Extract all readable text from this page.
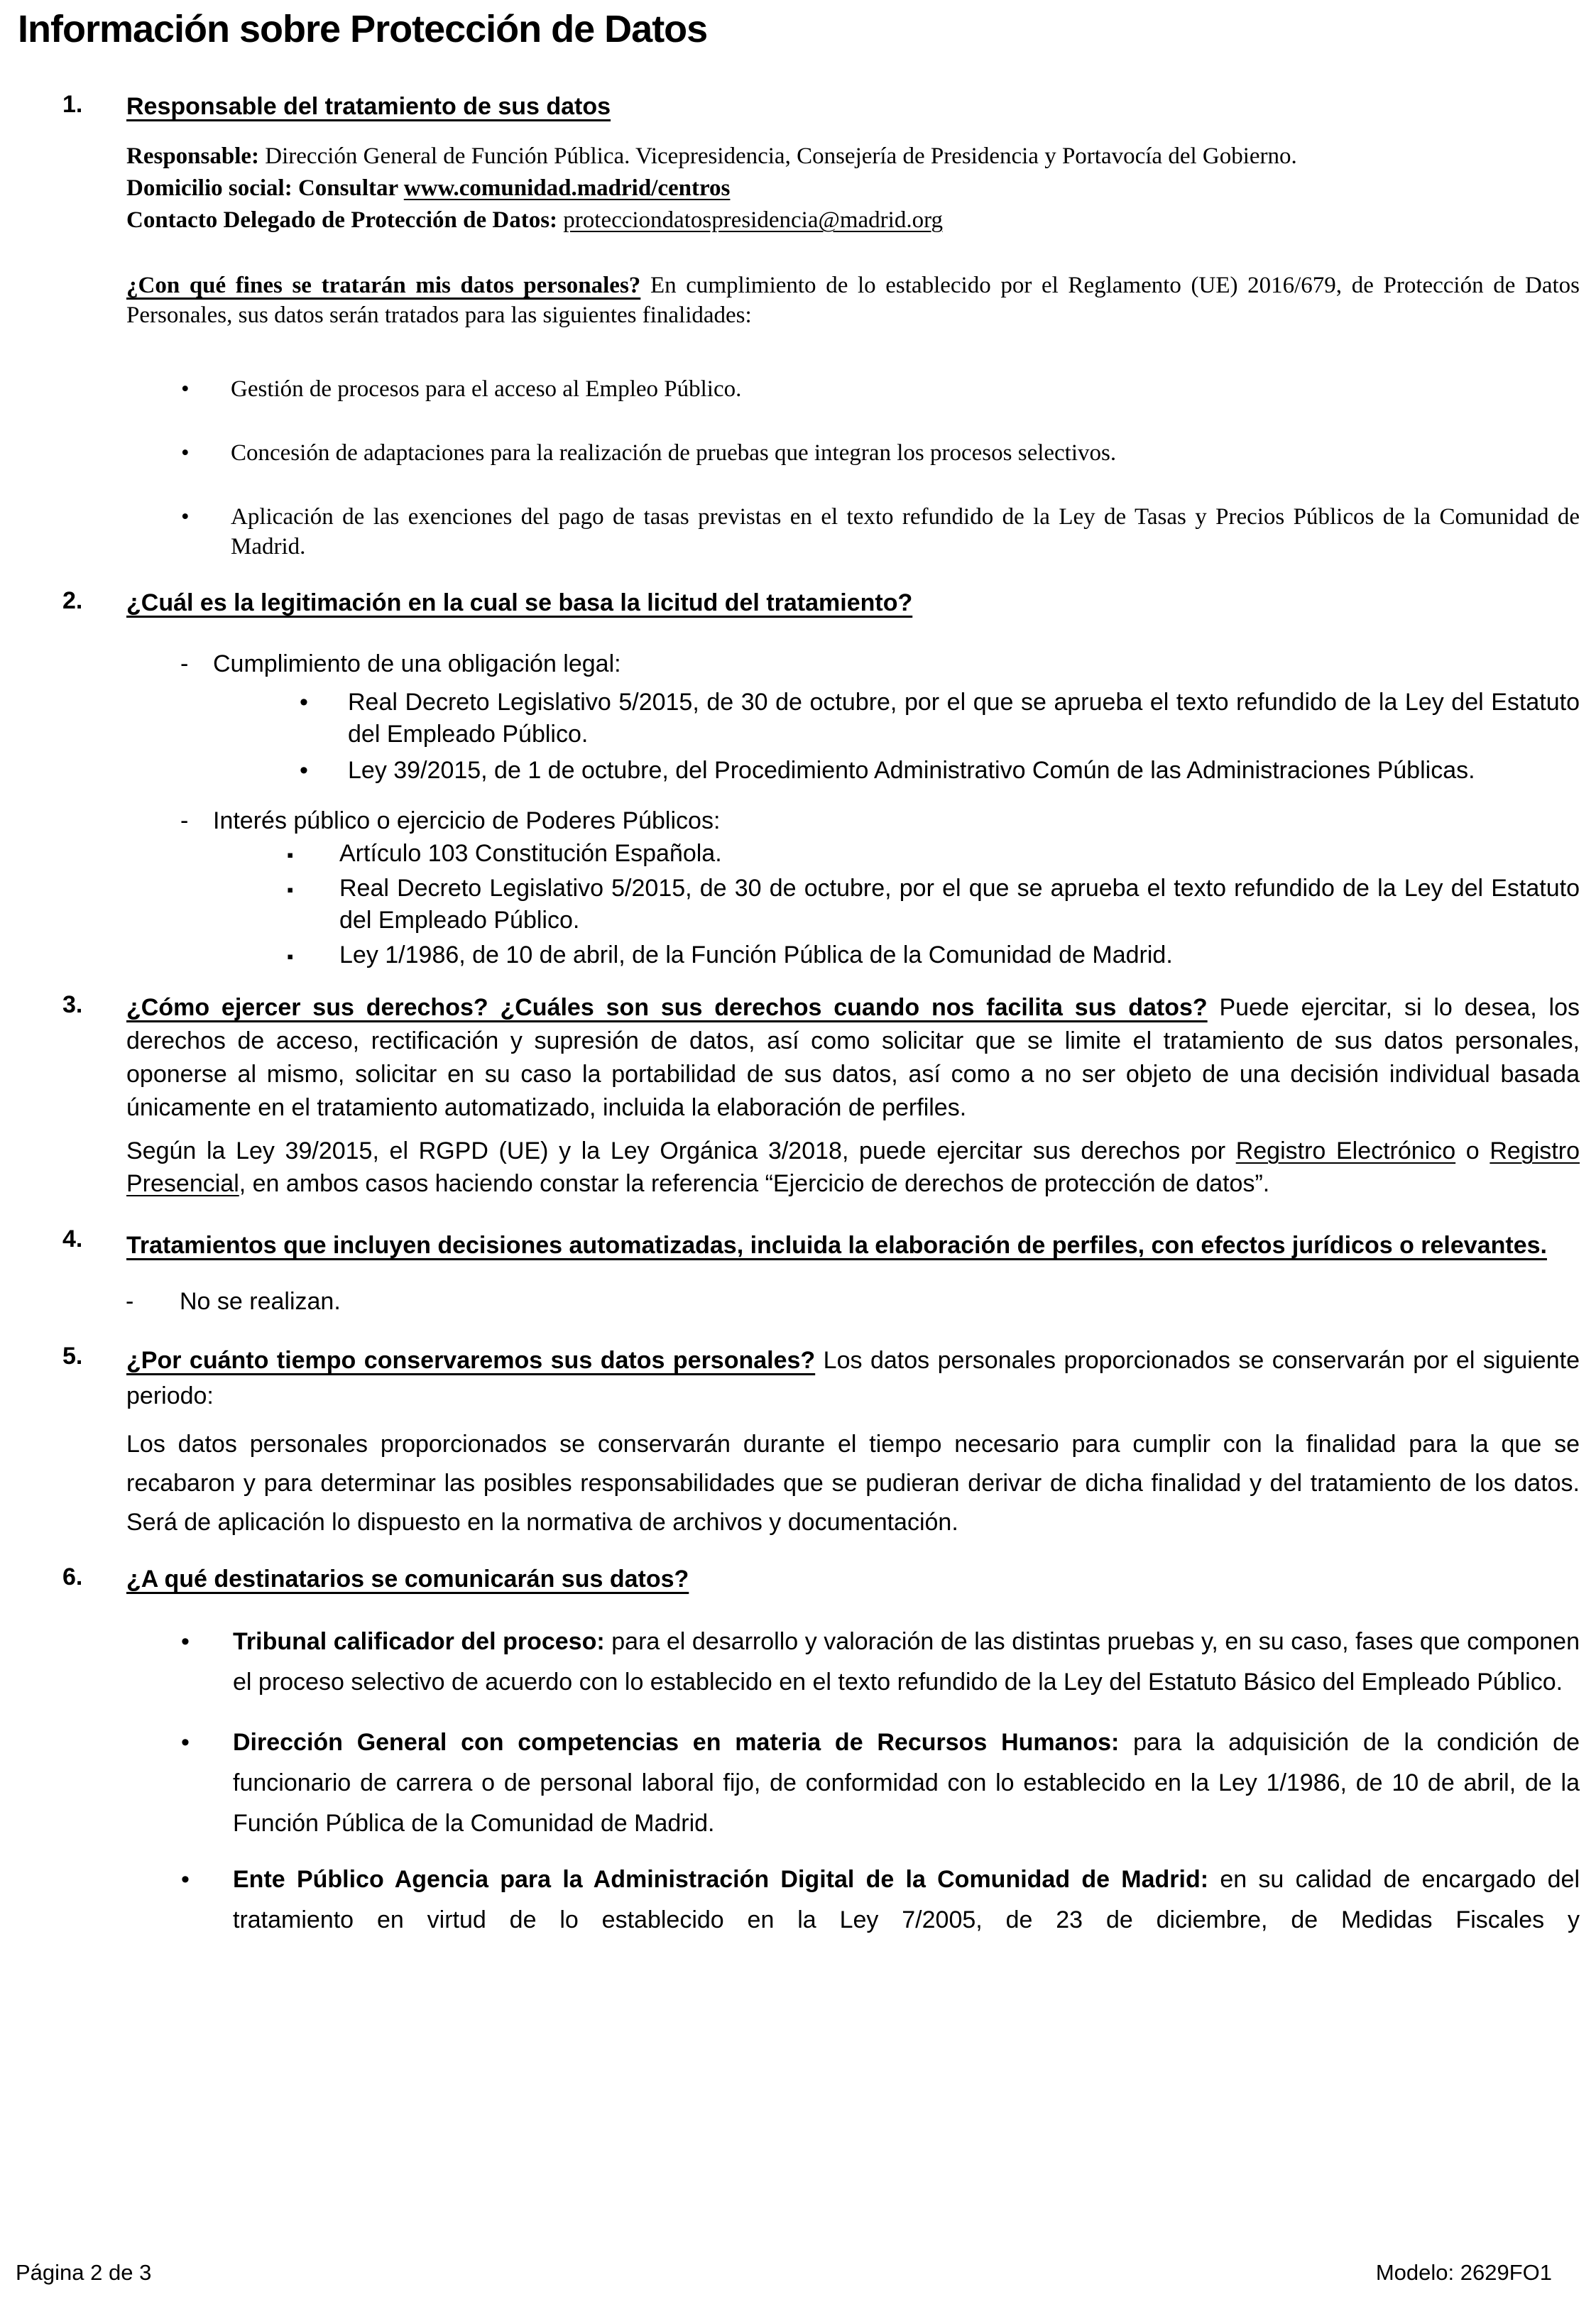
Información sobre Protección de Datos
1. Responsable del tratamiento de sus datos
Responsable: Dirección General de Función Pública. Vicepresidencia, Consejería de Presidencia y Portavocía del Gobierno.
Domicilio social: Consultar www.comunidad.madrid/centros
Contacto Delegado de Protección de Datos: protecciondatospresidencia@madrid.org
¿Con qué fines se tratarán mis datos personales? En cumplimiento de lo establecido por el Reglamento (UE) 2016/679, de Protección de Datos Personales, sus datos serán tratados para las siguientes finalidades:
• Gestión de procesos para el acceso al Empleo Público.
• Concesión de adaptaciones para la realización de pruebas que integran los procesos selectivos.
• Aplicación de las exenciones del pago de tasas previstas en el texto refundido de la Ley de Tasas y Precios Públicos de la Comunidad de Madrid.
2. ¿Cuál es la legitimación en la cual se basa la licitud del tratamiento?
- Cumplimiento de una obligación legal:
• Real Decreto Legislativo 5/2015, de 30 de octubre, por el que se aprueba el texto refundido de la Ley del Estatuto del Empleado Público.
• Ley 39/2015, de 1 de octubre, del Procedimiento Administrativo Común de las Administraciones Públicas.
- Interés público o ejercicio de Poderes Públicos:
▪ Artículo 103 Constitución Española.
▪ Real Decreto Legislativo 5/2015, de 30 de octubre, por el que se aprueba el texto refundido de la Ley del Estatuto del Empleado Público.
▪ Ley 1/1986, de 10 de abril, de la Función Pública de la Comunidad de Madrid.
3. ¿Cómo ejercer sus derechos? ¿Cuáles son sus derechos cuando nos facilita sus datos? Puede ejercitar, si lo desea, los derechos de acceso, rectificación y supresión de datos, así como solicitar que se limite el tratamiento de sus datos personales, oponerse al mismo, solicitar en su caso la portabilidad de sus datos, así como a no ser objeto de una decisión individual basada únicamente en el tratamiento automatizado, incluida la elaboración de perfiles.
Según la Ley 39/2015, el RGPD (UE) y la Ley Orgánica 3/2018, puede ejercitar sus derechos por Registro Electrónico o Registro Presencial, en ambos casos haciendo constar la referencia “Ejercicio de derechos de protección de datos”.
4. Tratamientos que incluyen decisiones automatizadas, incluida la elaboración de perfiles, con efectos jurídicos o relevantes.
- No se realizan.
5. ¿Por cuánto tiempo conservaremos sus datos personales? Los datos personales proporcionados se conservarán por el siguiente periodo:
Los datos personales proporcionados se conservarán durante el tiempo necesario para cumplir con la finalidad para la que se recabaron y para determinar las posibles responsabilidades que se pudieran derivar de dicha finalidad y del tratamiento de los datos. Será de aplicación lo dispuesto en la normativa de archivos y documentación.
6. ¿A qué destinatarios se comunicarán sus datos?
• Tribunal calificador del proceso: para el desarrollo y valoración de las distintas pruebas y, en su caso, fases que componen el proceso selectivo de acuerdo con lo establecido en el texto refundido de la Ley del Estatuto Básico del Empleado Público.
• Dirección General con competencias en materia de Recursos Humanos: para la adquisición de la condición de funcionario de carrera o de personal laboral fijo, de conformidad con lo establecido en la Ley 1/1986, de 10 de abril, de la Función Pública de la Comunidad de Madrid.
• Ente Público Agencia para la Administración Digital de la Comunidad de Madrid: en su calidad de encargado del tratamiento en virtud de lo establecido en la Ley 7/2005, de 23 de diciembre, de Medidas Fiscales y
Página 2 de 3	Modelo: 2629FO1
